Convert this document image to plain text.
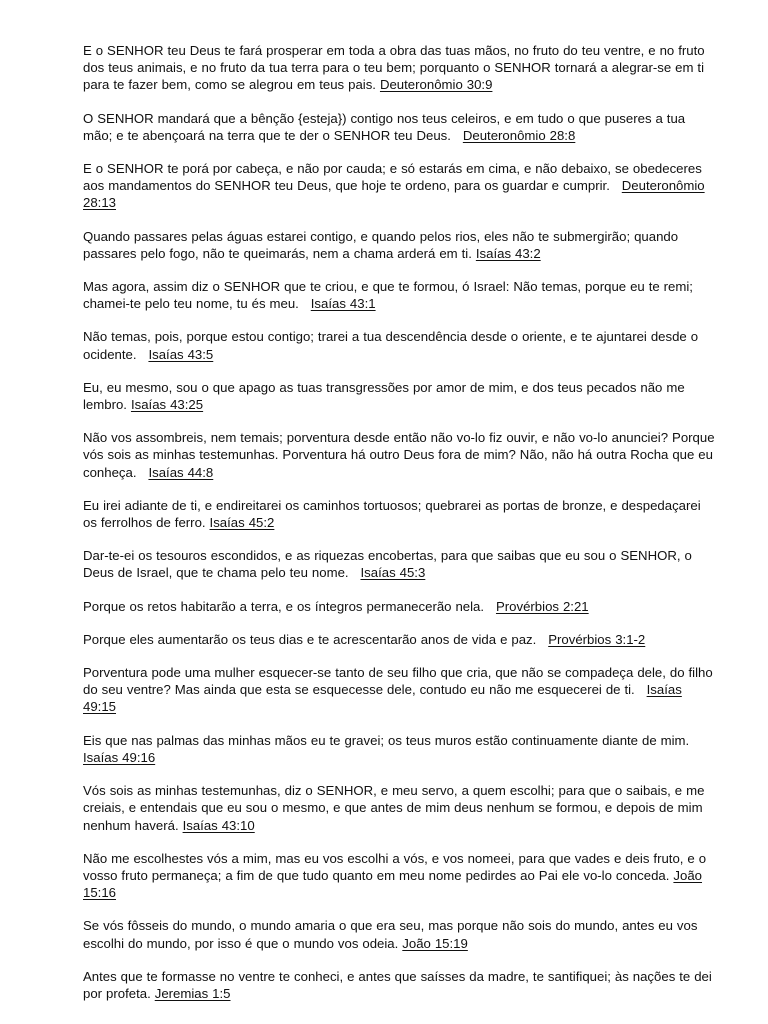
E o SENHOR teu Deus te fará prosperar em toda a obra das tuas mãos, no fruto do teu ventre, e no fruto dos teus animais, e no fruto da tua terra para o teu bem; porquanto o SENHOR tornará a alegrar-se em ti para te fazer bem, como se alegrou em teus pais. Deuteronômio 30:9

O SENHOR mandará que a bênção {esteja}) contigo nos teus celeiros, e em tudo o que puseres a tua mão; e te abençoará na terra que te der o SENHOR teu Deus. Deuteronômio 28:8

E o SENHOR te porá por cabeça, e não por cauda; e só estarás em cima, e não debaixo, se obedeceres aos mandamentos do SENHOR teu Deus, que hoje te ordeno, para os guardar e cumprir. Deuteronômio 28:13

Quando passares pelas águas estarei contigo, e quando pelos rios, eles não te submergirão; quando passares pelo fogo, não te queimarás, nem a chama arderá em ti. Isaías 43:2

Mas agora, assim diz o SENHOR que te criou, e que te formou, ó Israel: Não temas, porque eu te remi; chamei-te pelo teu nome, tu és meu. Isaías 43:1

Não temas, pois, porque estou contigo; trarei a tua descendência desde o oriente, e te ajuntarei desde o ocidente. Isaías 43:5

Eu, eu mesmo, sou o que apago as tuas transgressões por amor de mim, e dos teus pecados não me lembro. Isaías 43:25

Não vos assombreis, nem temais; porventura desde então não vo-lo fiz ouvir, e não vo-lo anunciei? Porque vós sois as minhas testemunhas. Porventura há outro Deus fora de mim? Não, não há outra Rocha que eu conheça. Isaías 44:8

Eu irei adiante de ti, e endireitarei os caminhos tortuosos; quebrarei as portas de bronze, e despedaçarei os ferrolhos de ferro. Isaías 45:2

Dar-te-ei os tesouros escondidos, e as riquezas encobertas, para que saibas que eu sou o SENHOR, o Deus de Israel, que te chama pelo teu nome. Isaías 45:3

Porque os retos habitarão a terra, e os íntegros permanecerão nela. Provérbios 2:21

Porque eles aumentarão os teus dias e te acrescentarão anos de vida e paz. Provérbios 3:1-2

Porventura pode uma mulher esquecer-se tanto de seu filho que cria, que não se compadeça dele, do filho do seu ventre? Mas ainda que esta se esquecesse dele, contudo eu não me esquecerei de ti. Isaías 49:15

Eis que nas palmas das minhas mãos eu te gravei; os teus muros estão continuamente diante de mim.   Isaías 49:16

Vós sois as minhas testemunhas, diz o SENHOR, e meu servo, a quem escolhi; para que o saibais, e me creiais, e entendais que eu sou o mesmo, e que antes de mim deus nenhum se formou, e depois de mim nenhum haverá. Isaías 43:10

Não me escolhestes vós a mim, mas eu vos escolhi a vós, e vos nomeei, para que vades e deis fruto, e o vosso fruto permaneça; a fim de que tudo quanto em meu nome pedirdes ao Pai ele vo-lo conceda. João 15:16

Se vós fôsseis do mundo, o mundo amaria o que era seu, mas porque não sois do mundo, antes eu vos escolhi do mundo, por isso é que o mundo vos odeia. João 15:19

Antes que te formasse no ventre te conheci, e antes que saísses da madre, te santifiquei; às nações te dei por profeta. Jeremias 1:5
